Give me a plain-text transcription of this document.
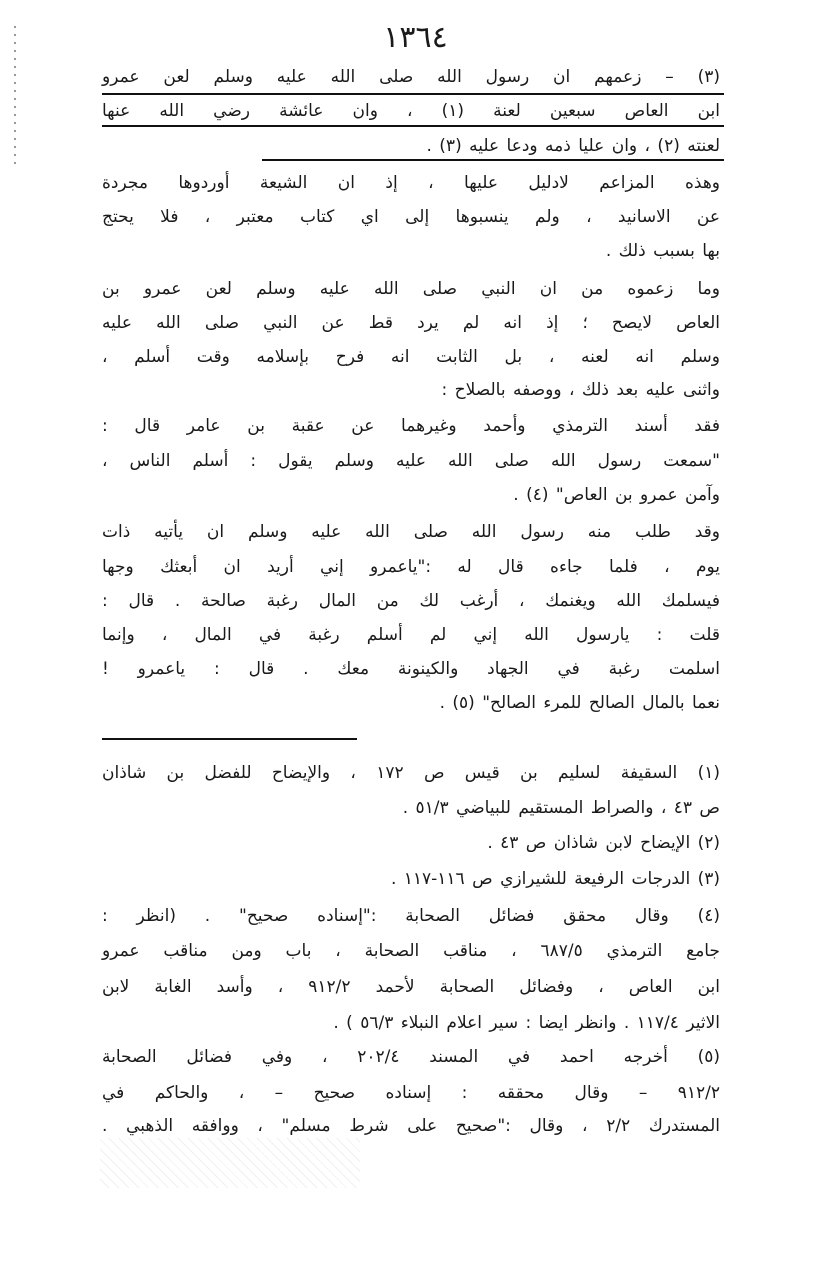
١٣٦٤
(٣) – زعمهم ان رسول الله صلى الله عليه وسلم لعن عمرو
ابن العاص سبعين لعنة (١) ، وان عائشة رضي الله عنها
لعنته (٢) ، وان عليا ذمه ودعا عليه (٣) .
وهذه المزاعم لادليل عليها ، إذ ان الشيعة أوردوها مجردة
عن الاسانيد ، ولم ينسبوها إلى اي كتاب معتبر ، فلا يحتج
بها بسبب ذلك .
وما زعموه من ان النبي صلى الله عليه وسلم لعن عمرو بن
العاص لايصح ؛ إذ انه لم يرد قط عن النبي صلى الله عليه
وسلم انه لعنه ، بل الثابت انه فرح بإسلامه وقت أسلم ،
واثنى عليه بعد ذلك ، ووصفه بالصلاح :
فقد أسند الترمذي وأحمد وغيرهما عن عقبة بن عامر قال :
"سمعت رسول الله صلى الله عليه وسلم يقول : أسلم الناس ،
وآمن عمرو بن العاص" (٤) .
وقد طلب منه رسول الله صلى الله عليه وسلم ان يأتيه ذات
يوم ، فلما جاءه قال له :"ياعمرو إني أريد ان أبعثك وجها
فيسلمك الله ويغنمك ، أرغب لك من المال رغبة صالحة . قال :
قلت : يارسول الله إني لم أسلم رغبة في المال ، وإنما
اسلمت رغبة في الجهاد والكينونة معك . قال : ياعمرو !
نعما بالمال الصالح للمرء الصالح" (٥) .
(١) السقيفة لسليم بن قيس ص ١٧٢ ، والإيضاح للفضل بن شاذان
ص ٤٣ ، والصراط المستقيم للبياضي ٥١/٣ .
(٢) الإيضاح لابن شاذان ص ٤٣ .
(٣) الدرجات الرفيعة للشيرازي ص ١١٦-١١٧ .
(٤) وقال محقق فضائل الصحابة :"إسناده صحيح" . (انظر :
جامع الترمذي ٦٨٧/٥ ، مناقب الصحابة ، باب ومن مناقب عمرو
ابن العاص ، وفضائل الصحابة لأحمد ٩١٢/٢ ، وأسد الغابة لابن
الاثير ١١٧/٤ . وانظر ايضا : سير اعلام النبلاء ٥٦/٣ ) .
(٥) أخرجه احمد في المسند ٢٠٢/٤ ، وفي فضائل الصحابة
٩١٢/٢ – وقال محققه : إسناده صحيح – ، والحاكم في
المستدرك ٢/٢ ، وقال :"صحيح على شرط مسلم" ، ووافقه الذهبي .
